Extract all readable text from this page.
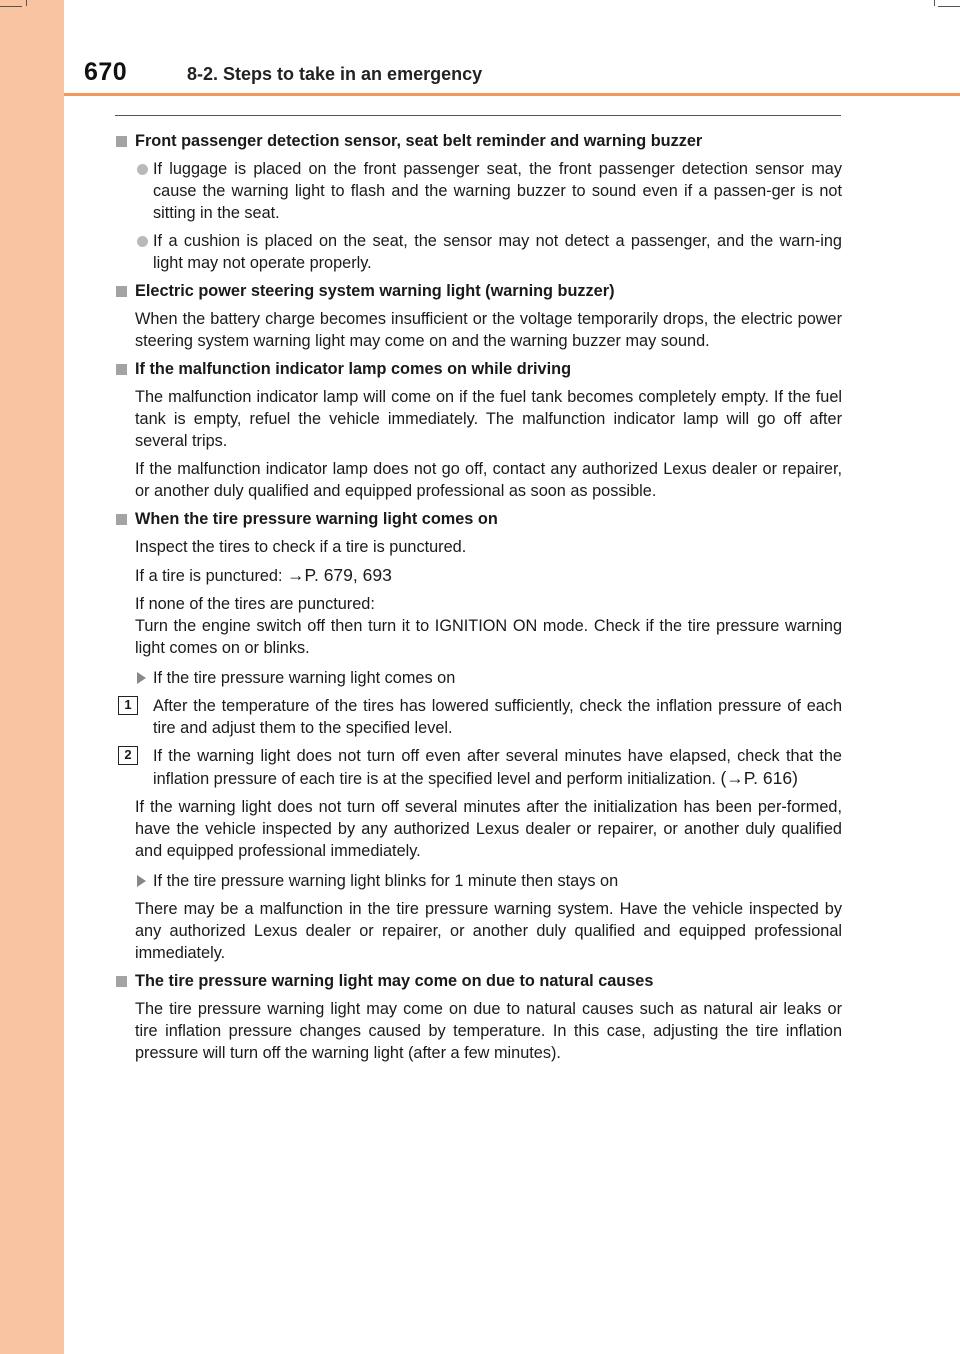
670	8-2. Steps to take in an emergency
Front passenger detection sensor, seat belt reminder and warning buzzer
If luggage is placed on the front passenger seat, the front passenger detection sensor may cause the warning light to flash and the warning buzzer to sound even if a passen-ger is not sitting in the seat.
If a cushion is placed on the seat, the sensor may not detect a passenger, and the warn-ing light may not operate properly.
Electric power steering system warning light (warning buzzer)
When the battery charge becomes insufficient or the voltage temporarily drops, the electric power steering system warning light may come on and the warning buzzer may sound.
If the malfunction indicator lamp comes on while driving
The malfunction indicator lamp will come on if the fuel tank becomes completely empty. If the fuel tank is empty, refuel the vehicle immediately. The malfunction indicator lamp will go off after several trips.
If the malfunction indicator lamp does not go off, contact any authorized Lexus dealer or repairer, or another duly qualified and equipped professional as soon as possible.
When the tire pressure warning light comes on
Inspect the tires to check if a tire is punctured.
If a tire is punctured: →P. 679, 693
If none of the tires are punctured:
Turn the engine switch off then turn it to IGNITION ON mode. Check if the tire pressure warning light comes on or blinks.
If the tire pressure warning light comes on
1	After the temperature of the tires has lowered sufficiently, check the inflation pressure of each tire and adjust them to the specified level.
2	If the warning light does not turn off even after several minutes have elapsed, check that the inflation pressure of each tire is at the specified level and perform initialization. (→P. 616)
If the warning light does not turn off several minutes after the initialization has been per-formed, have the vehicle inspected by any authorized Lexus dealer or repairer, or another duly qualified and equipped professional immediately.
If the tire pressure warning light blinks for 1 minute then stays on
There may be a malfunction in the tire pressure warning system. Have the vehicle inspected by any authorized Lexus dealer or repairer, or another duly qualified and equipped professional immediately.
The tire pressure warning light may come on due to natural causes
The tire pressure warning light may come on due to natural causes such as natural air leaks or tire inflation pressure changes caused by temperature. In this case, adjusting the tire inflation pressure will turn off the warning light (after a few minutes).
